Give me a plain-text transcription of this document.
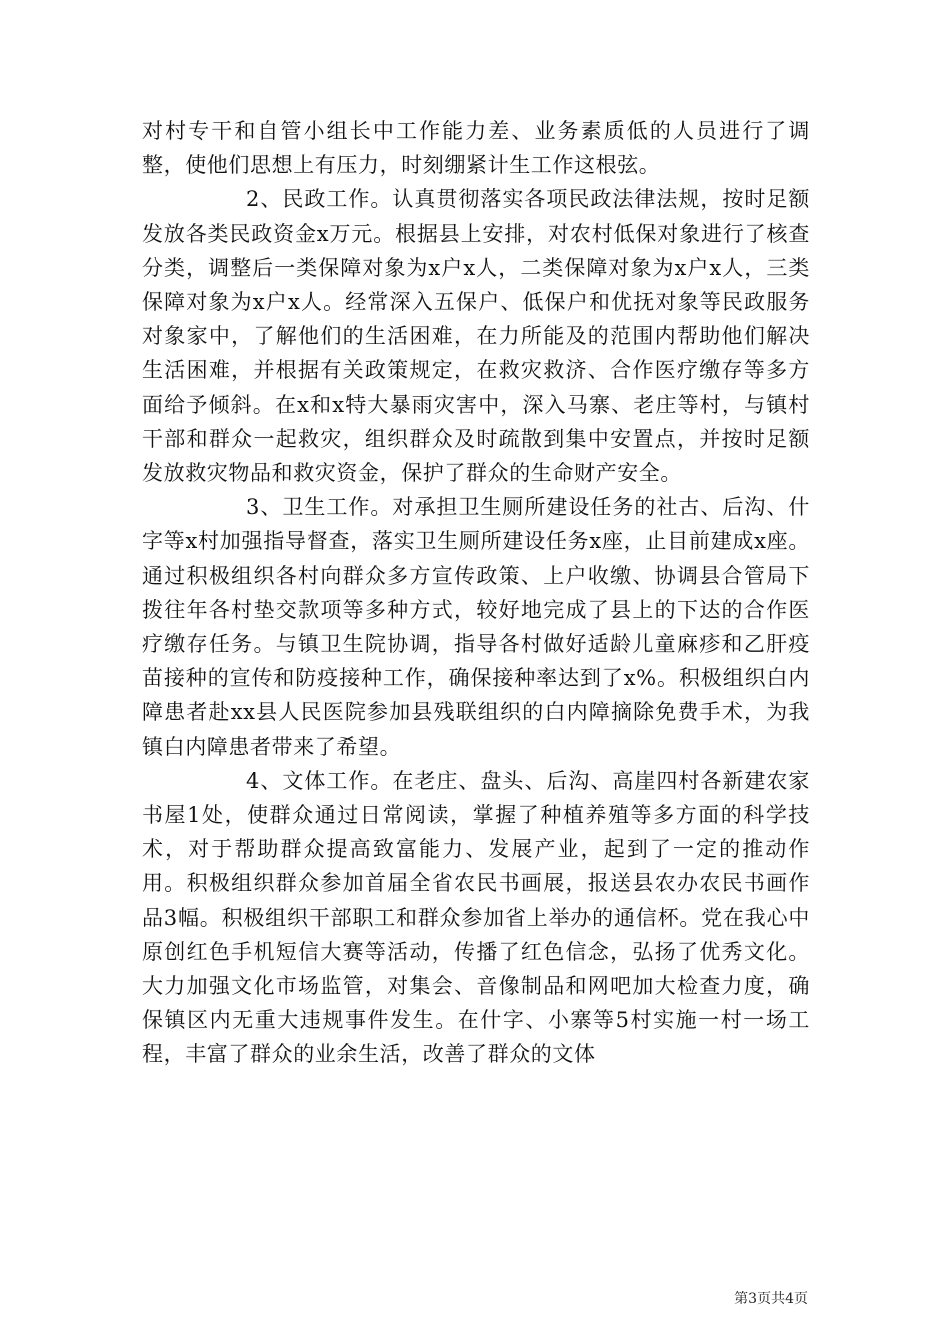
对村专干和自管小组长中工作能力差、业务素质低的人员进行了调整，使他们思想上有压力，时刻绷紧计生工作这根弦。

2、民政工作。认真贯彻落实各项民政法律法规，按时足额发放各类民政资金x万元。根据县上安排，对农村低保对象进行了核查分类，调整后一类保障对象为x户x人，二类保障对象为x户x人，三类保障对象为x户x人。经常深入五保户、低保户和优抚对象等民政服务对象家中，了解他们的生活困难，在力所能及的范围内帮助他们解决生活困难，并根据有关政策规定，在救灾救济、合作医疗缴存等多方面给予倾斜。在x和x特大暴雨灾害中，深入马寨、老庄等村，与镇村干部和群众一起救灾，组织群众及时疏散到集中安置点，并按时足额发放救灾物品和救灾资金，保护了群众的生命财产安全。

3、卫生工作。对承担卫生厕所建设任务的社古、后沟、什字等x村加强指导督查，落实卫生厕所建设任务x座，止目前建成x座。通过积极组织各村向群众多方宣传政策、上户收缴、协调县合管局下拨往年各村垫交款项等多种方式，较好地完成了县上的下达的合作医疗缴存任务。与镇卫生院协调，指导各村做好适龄儿童麻疹和乙肝疫苗接种的宣传和防疫接种工作，确保接种率达到了x%。积极组织白内障患者赴xx县人民医院参加县残联组织的白内障摘除免费手术，为我镇白内障患者带来了希望。

4、文体工作。在老庄、盘头、后沟、高崖四村各新建农家书屋1处，使群众通过日常阅读，掌握了种植养殖等多方面的科学技术，对于帮助群众提高致富能力、发展产业，起到了一定的推动作用。积极组织群众参加首届全省农民书画展，报送县农办农民书画作品3幅。积极组织干部职工和群众参加省上举办的通信杯。党在我心中原创红色手机短信大赛等活动，传播了红色信念，弘扬了优秀文化。大力加强文化市场监管，对集会、音像制品和网吧加大检查力度，确保镇区内无重大违规事件发生。在什字、小寨等5村实施一村一场工程，丰富了群众的业余生活，改善了群众的文体

第3页共4页
